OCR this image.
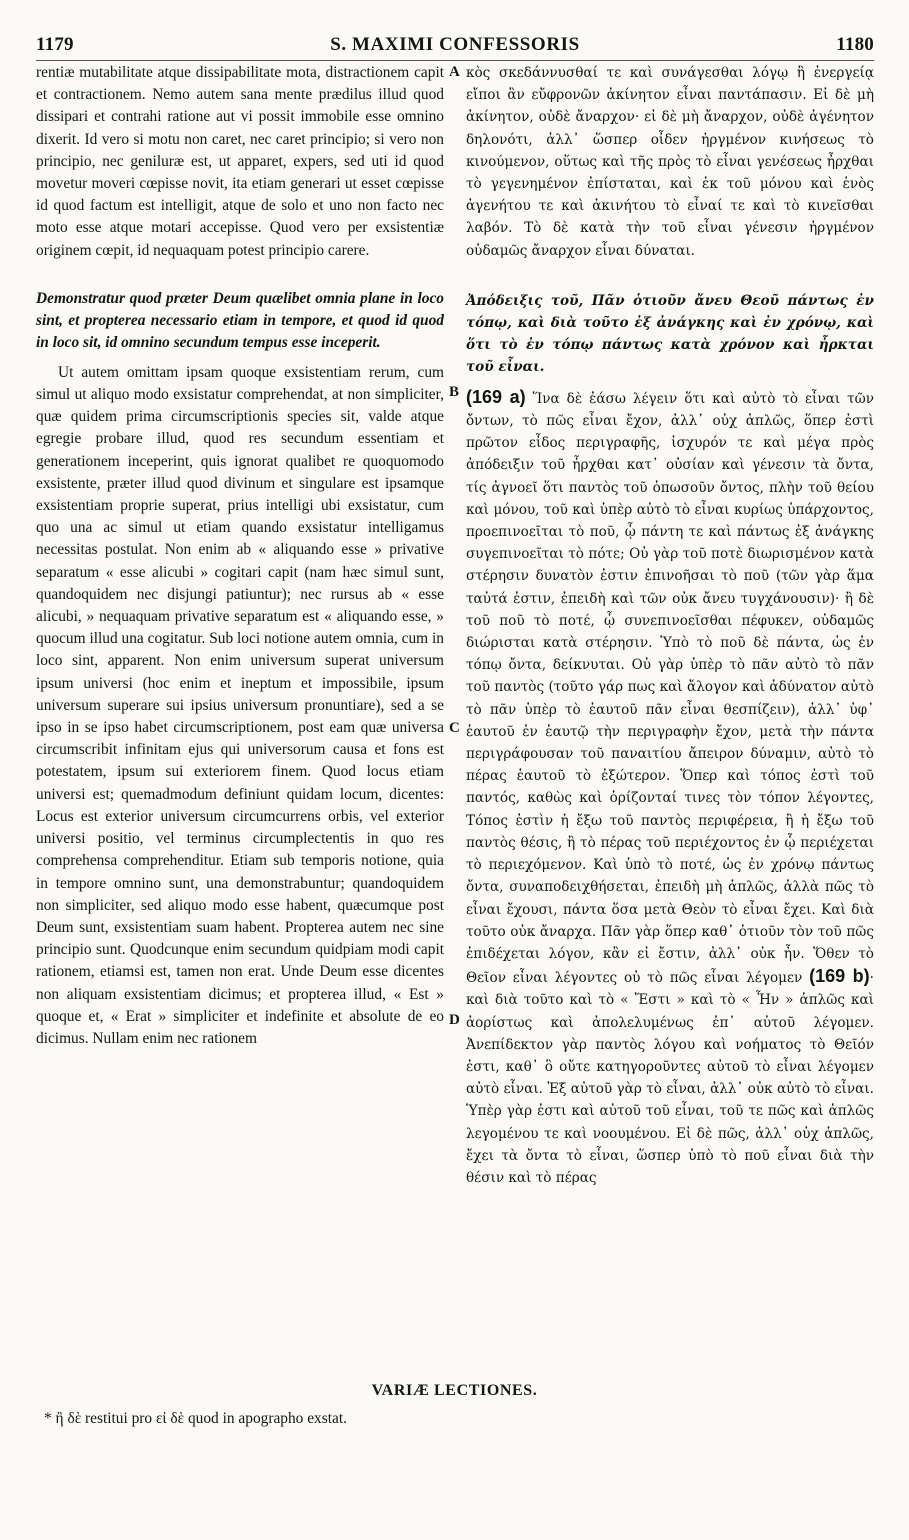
1179	S. MAXIMI CONFESSORIS	1180

rentiæ mutabilitate atque dissipabilitate mota, distractionem capit et contractionem. Nemo autem sana mente prædilus illud quod dissipari et contrahi ratione aut vi possit immobile esse omnino dixerit. Id vero si motu non caret, nec caret principio; si vero non principio, nec geniluræ est, ut apparet, expers, sed uti id quod movetur moveri cœpisse novit, ita etiam generari ut esset cœpisse id quod factum est intelligit, atque de solo et uno non facto nec moto esse atque motari accepisse. Quod vero per exsistentiæ originem cœpit, id nequaquam potest principio carere.

Demonstratur quod præter Deum quælibet omnia plane in loco sint, et propterea necessario etiam in tempore, et quod id quod in loco sit, id omnino secundum tempus esse inceperit.

Ut autem omittam ipsam quoque exsistentiam rerum, cum simul ut aliquo modo exsistatur comprehendat, at non simpliciter, quæ quidem prima circumscriptionis species sit, valde atque egregie probare illud, quod res secundum essentiam et generationem inceperint, quis ignorat qualibet re quoquomodo exsistente, præter illud quod divinum et singulare est ipsamque exsistentiam proprie superat, prius intelligi ubi exsistatur, cum quo una ac simul ut etiam quando exsistatur intelligamus necessitas postulat. Non enim ab « aliquando esse » privative separatum « esse alicubi » cogitari capit (nam hæc simul sunt, quandoquidem nec disjungi patiuntur); nec rursus ab « esse alicubi, » nequaquam privative separatum est « aliquando esse, » quocum illud una cogitatur. Sub loci notione autem omnia, cum in loco sint, apparent. Non enim universum superat universum ipsum universi (hoc enim et ineptum et impossibile, ipsum universum superare sui ipsius universum pronuntiare), sed a se ipso in se ipso habet circumscriptionem, post eam quæ universa circumscribit infinitam ejus qui universorum causa et fons est potestatem, ipsum sui exteriorem finem. Quod locus etiam universi est; quemadmodum definiunt quidam locum, dicentes: Locus est exterior universum circumcurrens orbis, vel exterior universi positio, vel terminus circumplectentis in quo res comprehensa comprehenditur. Etiam sub temporis notione, quia in tempore omnino sunt, una demonstrabuntur; quandoquidem non simpliciter, sed aliquo modo esse habent, quæcumque post Deum sunt, exsistentiam suam habent. Propterea autem nec sine principio sunt. Quodcunque enim secundum quidpiam modi capit rationem, etiamsi est, tamen non erat. Unde Deum esse dicentes non aliquam exsistentiam dicimus; et propterea illud, « Est » quoque et, « Erat » simpliciter et indefinite et absolute de eo dicimus. Nullam enim nec rationem

κὸς σκεδάννυσθαί τε καὶ συνάγεσθαι λόγῳ ἢ ἐνεργείᾳ εἴποι ἂν εὔφρονῶν ἀκίνητον εἶναι παντάπασιν. Εἰ δὲ μὴ ἀκίνητον, οὐδὲ ἄναρχον· εἰ δὲ μὴ ἄναρχον, οὐδὲ ἀγένητον δηλονότι, ἀλλ᾽ ὥσπερ οἶδεν ἠργμένον κινήσεως τὸ κινούμενον, οὕτως καὶ τῆς πρὸς τὸ εἶναι γενέσεως ἦρχθαι τὸ γεγενημένον ἐπίσταται, καὶ ἐκ τοῦ μόνου καὶ ἑνὸς ἀγενήτου τε καὶ ἀκινήτου τὸ εἶναί τε καὶ τὸ κινεῖσθαι λαβόν. Τὸ δὲ κατὰ τὴν τοῦ εἶναι γένεσιν ἠργμένον οὐδαμῶς ἄναρχον εἶναι δύναται.

Ἀπόδειξις τοῦ, Πᾶν ὁτιοῦν ἄνευ Θεοῦ πάντως ἐν τόπῳ, καὶ διὰ τοῦτο ἐξ ἀνάγκης καὶ ἐν χρόνῳ, καὶ ὅτι τὸ ἐν τόπῳ πάντως κατὰ χρόνον καὶ ἦρκται τοῦ εἶναι.

(169 a) Ἵνα δὲ ἐάσω λέγειν ὅτι καὶ αὐτὸ τὸ εἶναι τῶν ὄντων, τὸ πῶς εἶναι ἔχον, ἀλλ᾽ οὐχ ἁπλῶς, ὅπερ ἐστὶ πρῶτον εἶδος περιγραφῆς, ἰσχυρόν τε καὶ μέγα πρὸς ἀπόδειξιν τοῦ ἦρχθαι κατ᾽ οὐσίαν καὶ γένεσιν τὰ ὄντα, τίς ἀγνοεῖ ὅτι παντὸς τοῦ ὁπωσοῦν ὄντος, πλὴν τοῦ θείου καὶ μόνου, τοῦ καὶ ὑπὲρ αὐτὸ τὸ εἶναι κυρίως ὑπάρχοντος, προεπινοεῖται τὸ ποῦ, ᾧ πάντη τε καὶ πάντως ἐξ ἀνάγκης συγεπινοεῖται τὸ πότε; Οὐ γὰρ τοῦ ποτὲ διωρισμένον κατὰ στέρησιν δυνατὸν ἐστιν ἐπινοῆσαι τὸ ποῦ (τῶν γὰρ ἅμα ταὐτά ἐστιν, ἐπειδὴ καὶ τῶν οὐκ ἄνευ τυγχάνουσιν)· ἢ δὲ τοῦ ποῦ τὸ ποτέ, ᾧ συνεπινοεῖσθαι πέφυκεν, οὐδαμῶς διώρισται κατὰ στέρησιν. Ὑπὸ τὸ ποῦ δὲ πάντα, ὡς ἐν τόπῳ ὄντα, δείκνυται. Οὐ γὰρ ὑπὲρ τὸ πᾶν αὐτὸ τὸ πᾶν τοῦ παντὸς (τοῦτο γάρ πως καὶ ἄλογον καὶ ἀδύνατον αὐτὸ τὸ πᾶν ὑπὲρ τὸ ἑαυτοῦ πᾶν εἶναι θεσπίζειν), ἀλλ᾽ ὑφ᾽ ἑαυτοῦ ἐν ἑαυτῷ τὴν περιγραφὴν ἔχον, μετὰ τὴν πάντα περιγράφουσαν τοῦ παναιτίου ἄπειρον δύναμιν, αὐτὸ τὸ πέρας ἑαυτοῦ τὸ ἐξώτερον. Ὅπερ καὶ τόπος ἐστὶ τοῦ παντός, καθὼς καὶ ὁρίζονταί τινες τὸν τόπον λέγοντες, Τόπος ἐστὶν ἡ ἔξω τοῦ παντὸς περιφέρεια, ἢ ἡ ἔξω τοῦ παντὸς θέσις, ἢ τὸ πέρας τοῦ περιέχοντος ἐν ᾧ περιέχεται τὸ περιεχόμενον. Καὶ ὑπὸ τὸ ποτέ, ὡς ἐν χρόνῳ πάντως ὄντα, συναποδειχθήσεται, ἐπειδὴ μὴ ἁπλῶς, ἀλλὰ πῶς τὸ εἶναι ἔχουσι, πάντα ὅσα μετὰ Θεὸν τὸ εἶναι ἔχει. Καὶ διὰ τοῦτο οὐκ ἄναρχα. Πᾶν γὰρ ὅπερ καθ᾽ ὁτιοῦν τὸν τοῦ πῶς ἐπιδέχεται λόγον, κἂν εἰ ἔστιν, ἀλλ᾽ οὐκ ἦν. Ὅθεν τὸ Θεῖον εἶναι λέγοντες οὐ τὸ πῶς εἶναι λέγομεν (169 b)· καὶ διὰ τοῦτο καὶ τὸ « Ἔστι » καὶ τὸ « Ἦν » ἁπλῶς καὶ ἀορίστως καὶ ἀπολελυμένως ἐπ᾽ αὐτοῦ λέγομεν. Ἀνεπίδεκτον γὰρ παντὸς λόγου καὶ νοήματος τὸ Θεῖόν ἐστι, καθ᾽ ὃ οὔτε κατηγοροῦντες αὐτοῦ τὸ εἶναι λέγομεν αὐτὸ εἶναι. Ἐξ αὐτοῦ γὰρ τὸ εἶναι, ἀλλ᾽ οὐκ αὐτὸ τὸ εἶναι. Ὑπὲρ γὰρ ἐστι καὶ αὐτοῦ τοῦ εἶναι, τοῦ τε πῶς καὶ ἁπλῶς λεγομένου τε καὶ νοουμένου. Εἰ δὲ πῶς, ἀλλ᾽ οὐχ ἁπλῶς, ἔχει τὰ ὄντα τὸ εἶναι, ὥσπερ ὑπὸ τὸ ποῦ εἶναι διὰ τὴν θέσιν καὶ τὸ πέρας

A
B
C
D
VARIÆ LECTIONES.
* ἢ δὲ restitui pro εἰ δὲ quod in apographo exstat.
